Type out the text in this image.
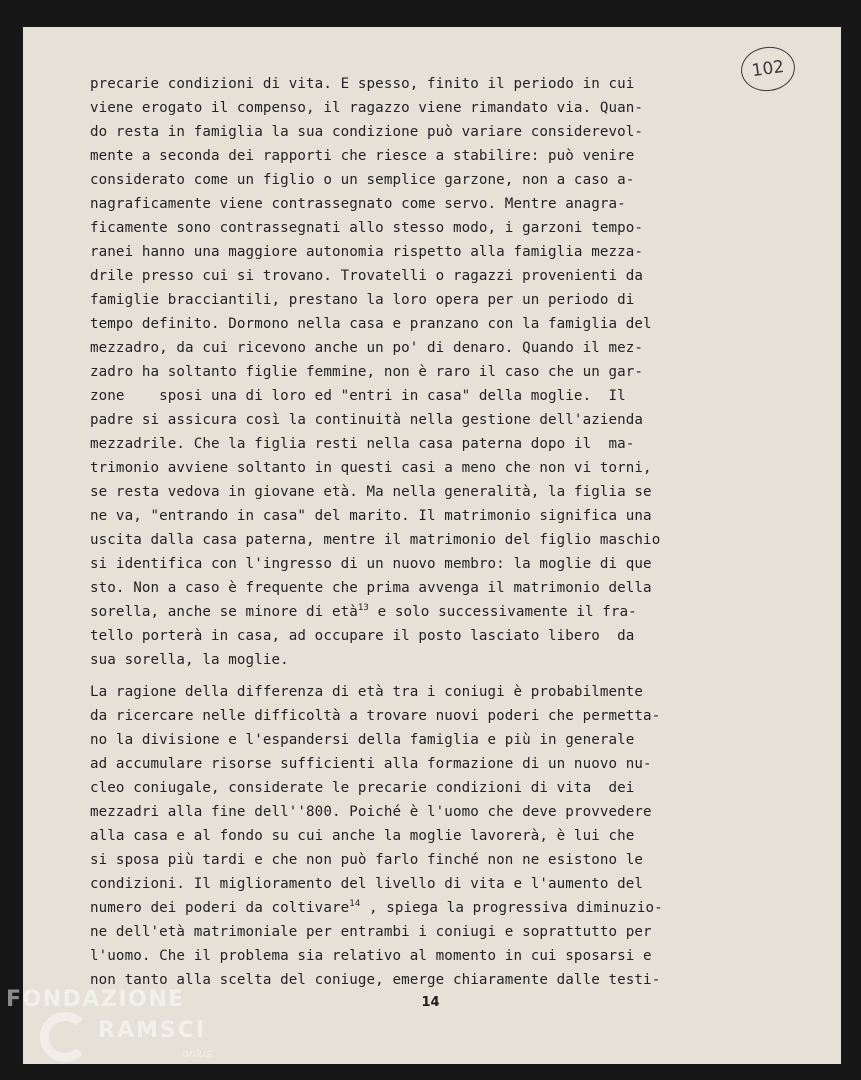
102
precarie condizioni di vita. E spesso, finito il periodo in cui
viene erogato il compenso, il ragazzo viene rimandato via. Quan-
do resta in famiglia la sua condizione può variare considerevol-
mente a seconda dei rapporti che riesce a stabilire: può venire
considerato come un figlio o un semplice garzone, non a caso a-
nagraficamente viene contrassegnato come servo. Mentre anagra-
ficamente sono contrassegnati allo stesso modo, i garzoni tempo-
ranei hanno una maggiore autonomia rispetto alla famiglia mezza-
drile presso cui si trovano. Trovatelli o ragazzi provenienti da
famiglie bracciantili, prestano la loro opera per un periodo di
tempo definito. Dormono nella casa e pranzano con la famiglia del
mezzadro, da cui ricevono anche un po' di denaro. Quando il mez-
zadro ha soltanto figlie femmine, non è raro il caso che un gar-
zone    sposi una di loro ed "entri in casa" della moglie.  Il
padre si assicura così la continuità nella gestione dell'azienda
mezzadrile. Che la figlia resti nella casa paterna dopo il  ma-
trimonio avviene soltanto in questi casi a meno che non vi torni,
se resta vedova in giovane età. Ma nella generalità, la figlia se
ne va, "entrando in casa" del marito. Il matrimonio significa una
uscita dalla casa paterna, mentre il matrimonio del figlio maschio
si identifica con l'ingresso di un nuovo membro: la moglie di que
sto. Non a caso è frequente che prima avvenga il matrimonio della
sorella, anche se minore di età$^{13}$ e solo successivamente il fra-
tello porterà in casa, ad occupare il posto lasciato libero  da
sua sorella, la moglie.
La ragione della differenza di età tra i coniugi è probabilmente
da ricercare nelle difficoltà a trovare nuovi poderi che permetta-
no la divisione e l'espandersi della famiglia e più in generale
ad accumulare risorse sufficienti alla formazione di un nuovo nu-
cleo coniugale, considerate le precarie condizioni di vita  dei
mezzadri alla fine dell''800. Poiché è l'uomo che deve provvedere
alla casa e al fondo su cui anche la moglie lavorerà, è lui che
si sposa più tardi e che non può farlo finché non ne esistono le
condizioni. Il miglioramento del livello di vita e l'aumento del
numero dei poderi da coltivare$^{14}$ , spiega la progressiva diminuzio-
ne dell'età matrimoniale per entrambi i coniugi e soprattutto per
l'uomo. Che il problema sia relativo al momento in cui sposarsi e
non tanto alla scelta del coniuge, emerge chiaramente dalle testi-
14
FONDAZIONE
RAMSCI
onlus
